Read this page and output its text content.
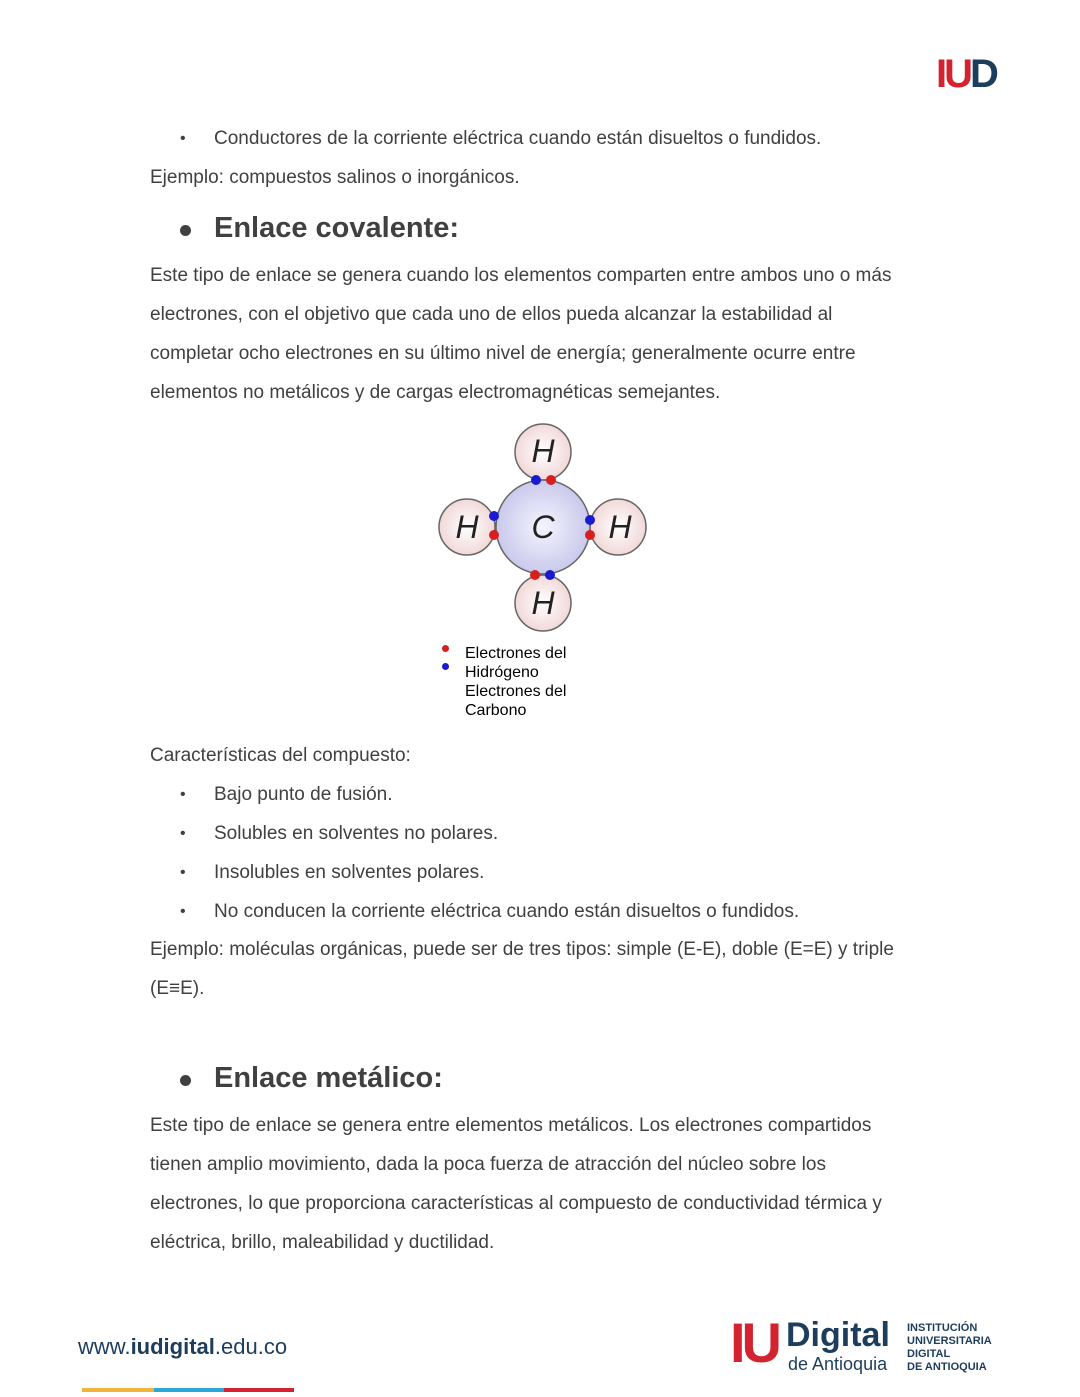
IUD
• Conductores de la corriente eléctrica cuando están disueltos o fundidos.

Ejemplo: compuestos salinos o inorgánicos.

Enlace covalente:

Este tipo de enlace se genera cuando los elementos comparten entre ambos uno o más

electrones, con el objetivo que cada uno de ellos pueda alcanzar la estabilidad al

completar ocho electrones en su último nivel de energía; generalmente ocurre entre

elementos no metálicos y de cargas electromagnéticas semejantes.

H
H
H	H
C
Electrones del
Hidrógeno
Electrones del
Carbono

Características del compuesto:

• Bajo punto de fusión.
• Solubles en solventes no polares.
• Insolubles en solventes polares.
• No conducen la corriente eléctrica cuando están disueltos o fundidos.

Ejemplo: moléculas orgánicas, puede ser de tres tipos: simple (E-E), doble (E=E) y triple

(E≡E).

Enlace metálico:

Este tipo de enlace se genera entre elementos metálicos. Los electrones compartidos

tienen amplio movimiento, dada la poca fuerza de atracción del núcleo sobre los

electrones, lo que proporciona características al compuesto de conductividad térmica y

eléctrica, brillo, maleabilidad y ductilidad.

www.iudigital.edu.co	IU Digital
de Antioquia
INSTITUCIÓN
UNIVERSITARIA
DIGITAL
DE ANTIOQUIA
